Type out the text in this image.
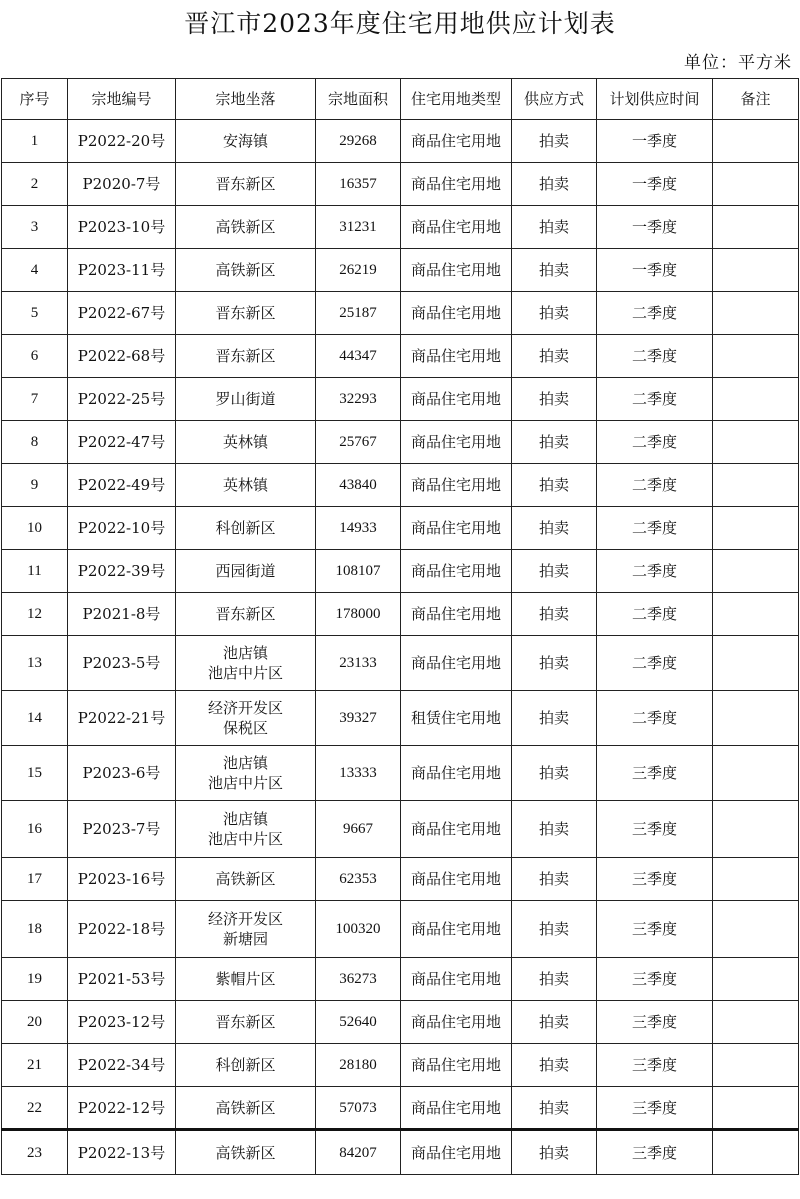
晋江市2023年度住宅用地供应计划表
单位：平方米
序号	宗地编号	宗地坐落	宗地面积	住宅用地类型	供应方式	计划供应时间	备注
1	P2022-20号	安海镇	29268	商品住宅用地	拍卖	一季度	
2	P2020-7号	晋东新区	16357	商品住宅用地	拍卖	一季度	
3	P2023-10号	高铁新区	31231	商品住宅用地	拍卖	一季度	
4	P2023-11号	高铁新区	26219	商品住宅用地	拍卖	一季度	
5	P2022-67号	晋东新区	25187	商品住宅用地	拍卖	二季度	
6	P2022-68号	晋东新区	44347	商品住宅用地	拍卖	二季度	
7	P2022-25号	罗山街道	32293	商品住宅用地	拍卖	二季度	
8	P2022-47号	英林镇	25767	商品住宅用地	拍卖	二季度	
9	P2022-49号	英林镇	43840	商品住宅用地	拍卖	二季度	
10	P2022-10号	科创新区	14933	商品住宅用地	拍卖	二季度	
11	P2022-39号	西园街道	108107	商品住宅用地	拍卖	二季度	
12	P2021-8号	晋东新区	178000	商品住宅用地	拍卖	二季度	
13	P2023-5号	池店镇
池店中片区	23133	商品住宅用地	拍卖	二季度	
14	P2022-21号	经济开发区
保税区	39327	租赁住宅用地	拍卖	二季度	
15	P2023-6号	池店镇
池店中片区	13333	商品住宅用地	拍卖	三季度	
16	P2023-7号	池店镇
池店中片区	9667	商品住宅用地	拍卖	三季度	
17	P2023-16号	高铁新区	62353	商品住宅用地	拍卖	三季度	
18	P2022-18号	经济开发区
新塘园	100320	商品住宅用地	拍卖	三季度	
19	P2021-53号	紫帽片区	36273	商品住宅用地	拍卖	三季度	
20	P2023-12号	晋东新区	52640	商品住宅用地	拍卖	三季度	
21	P2022-34号	科创新区	28180	商品住宅用地	拍卖	三季度	
22	P2022-12号	高铁新区	57073	商品住宅用地	拍卖	三季度	
23	P2022-13号	高铁新区	84207	商品住宅用地	拍卖	三季度	
